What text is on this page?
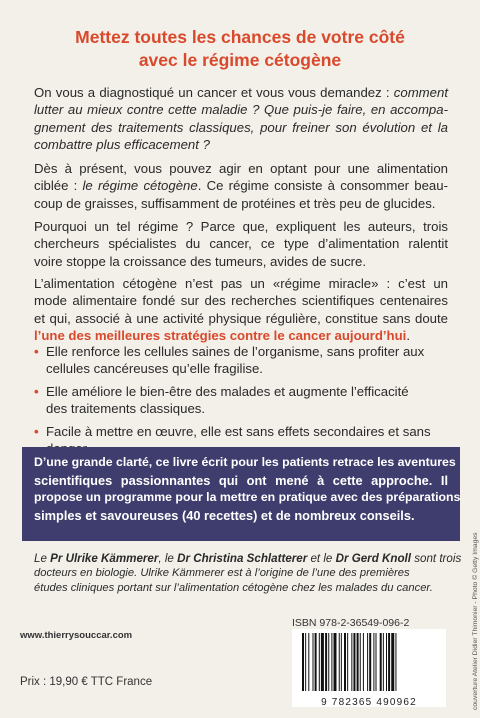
Mettez toutes les chances de votre côté
avec le régime cétogène
On vous a diagnostiqué un cancer et vous vous demandez : comment
lutter au mieux contre cette maladie ? Que puis-je faire, en accompa-
gnement des traitements classiques, pour freiner son évolution et la
combattre plus efficacement ?
Dès à présent, vous pouvez agir en optant pour une alimentation
ciblée : le régime cétogène. Ce régime consiste à consommer beau-
coup de graisses, suffisamment de protéines et très peu de glucides.
Pourquoi un tel régime ? Parce que, expliquent les auteurs, trois
chercheurs spécialistes du cancer, ce type d’alimentation ralentit
voire stoppe la croissance des tumeurs, avides de sucre.
L’alimentation cétogène n’est pas un «régime miracle» : c’est un
mode alimentaire fondé sur des recherches scientifiques centenaires
et qui, associé à une activité physique régulière, constitue sans doute
l’une des meilleures stratégies contre le cancer aujourd’hui.
• Elle renforce les cellules saines de l’organisme, sans profiter aux
cellules cancéreuses qu’elle fragilise.
• Elle améliore le bien-être des malades et augmente l’efficacité
des traitements classiques.
• Facile à mettre en œuvre, elle est sans effets secondaires et sans
D’une grande clarté, ce livre écrit pour les patients retrace les aventures
scientifiques passionnantes qui ont mené à cette approche. Il
propose un programme pour la mettre en pratique avec des préparations
simples et savoureuses (40 recettes) et de nombreux conseils.
Le Pr Ulrike Kämmerer, le Dr Christina Schlatterer et le Dr Gerd Knoll sont trois
docteurs en biologie. Ulrike Kämmerer est à l’origine de l’une des premières
études cliniques portant sur l’alimentation cétogène chez les malades du cancer.
ISBN 978-2-36549-096-2
www.thierrysouccar.com
Prix : 19,90 € TTC France
9 782365 490962	couverture Atelier Didier Thimonier - Photo © Getty Images
